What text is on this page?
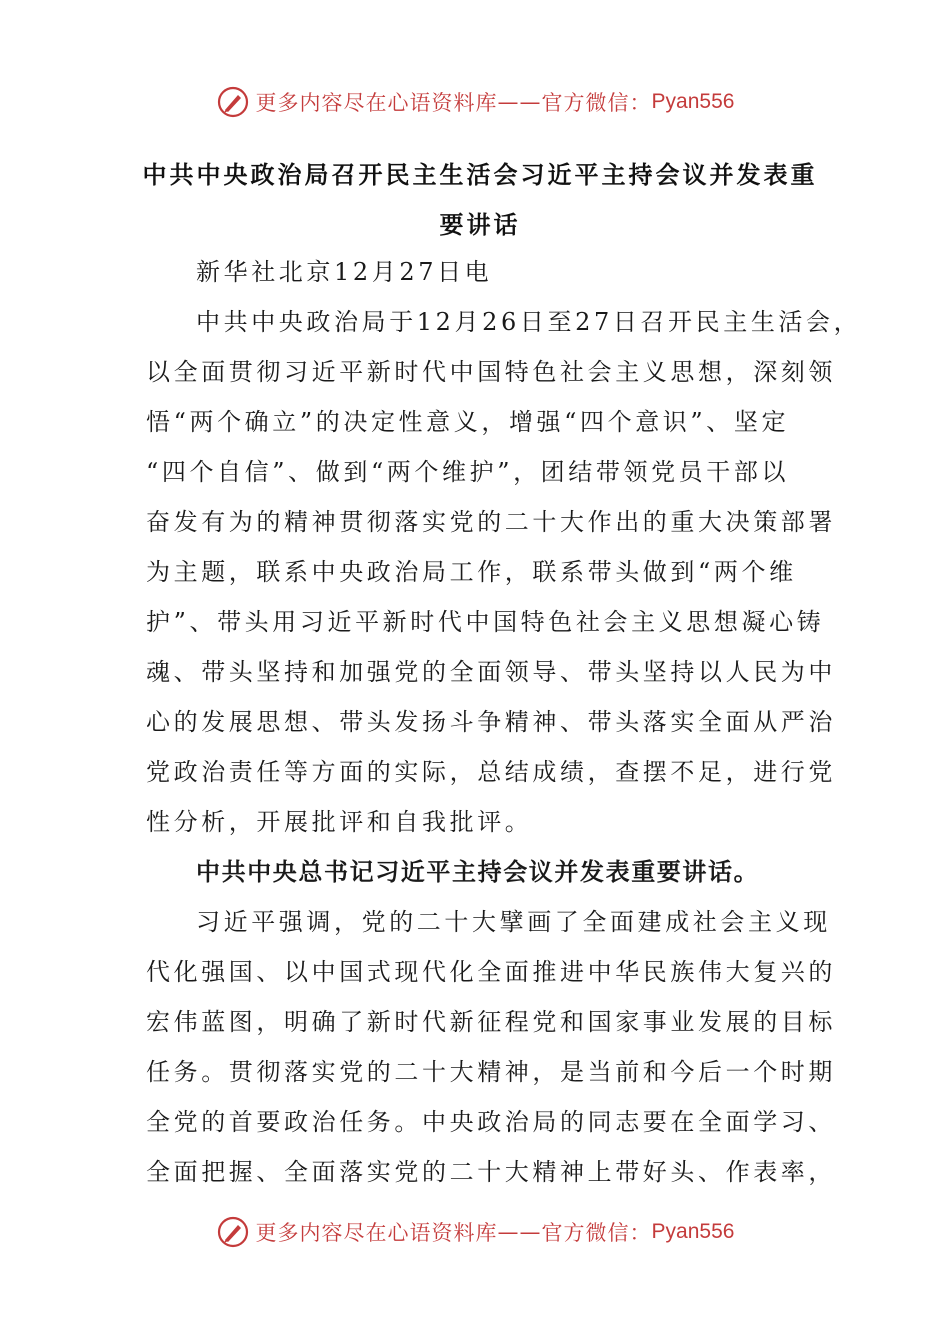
更多内容尽在心语资料库 —— 官方微信： Pyan556
中共中央政治局召开民主生活会习近平主持会议并发表重
要讲话
新华社北京12月27日电
中共中央政治局于12月26日至27日召开民主生活会，
以全面贯彻习近平新时代中国特色社会主义思想，深刻领
悟“两个确立”的决定性意义，增强“四个意识”、坚定
“四个自信”、做到“两个维护”，团结带领党员干部以
奋发有为的精神贯彻落实党的二十大作出的重大决策部署
为主题，联系中央政治局工作，联系带头做到“两个维
护”、带头用习近平新时代中国特色社会主义思想凝心铸
魂、带头坚持和加强党的全面领导、带头坚持以人民为中
心的发展思想、带头发扬斗争精神、带头落实全面从严治
党政治责任等方面的实际，总结成绩，查摆不足，进行党
性分析，开展批评和自我批评。
中共中央总书记习近平主持会议并发表重要讲话。
习近平强调，党的二十大擘画了全面建成社会主义现
代化强国、以中国式现代化全面推进中华民族伟大复兴的
宏伟蓝图，明确了新时代新征程党和国家事业发展的目标
任务。贯彻落实党的二十大精神，是当前和今后一个时期
全党的首要政治任务。中央政治局的同志要在全面学习、
全面把握、全面落实党的二十大精神上带好头、作表率，
更多内容尽在心语资料库 —— 官方微信： Pyan556
